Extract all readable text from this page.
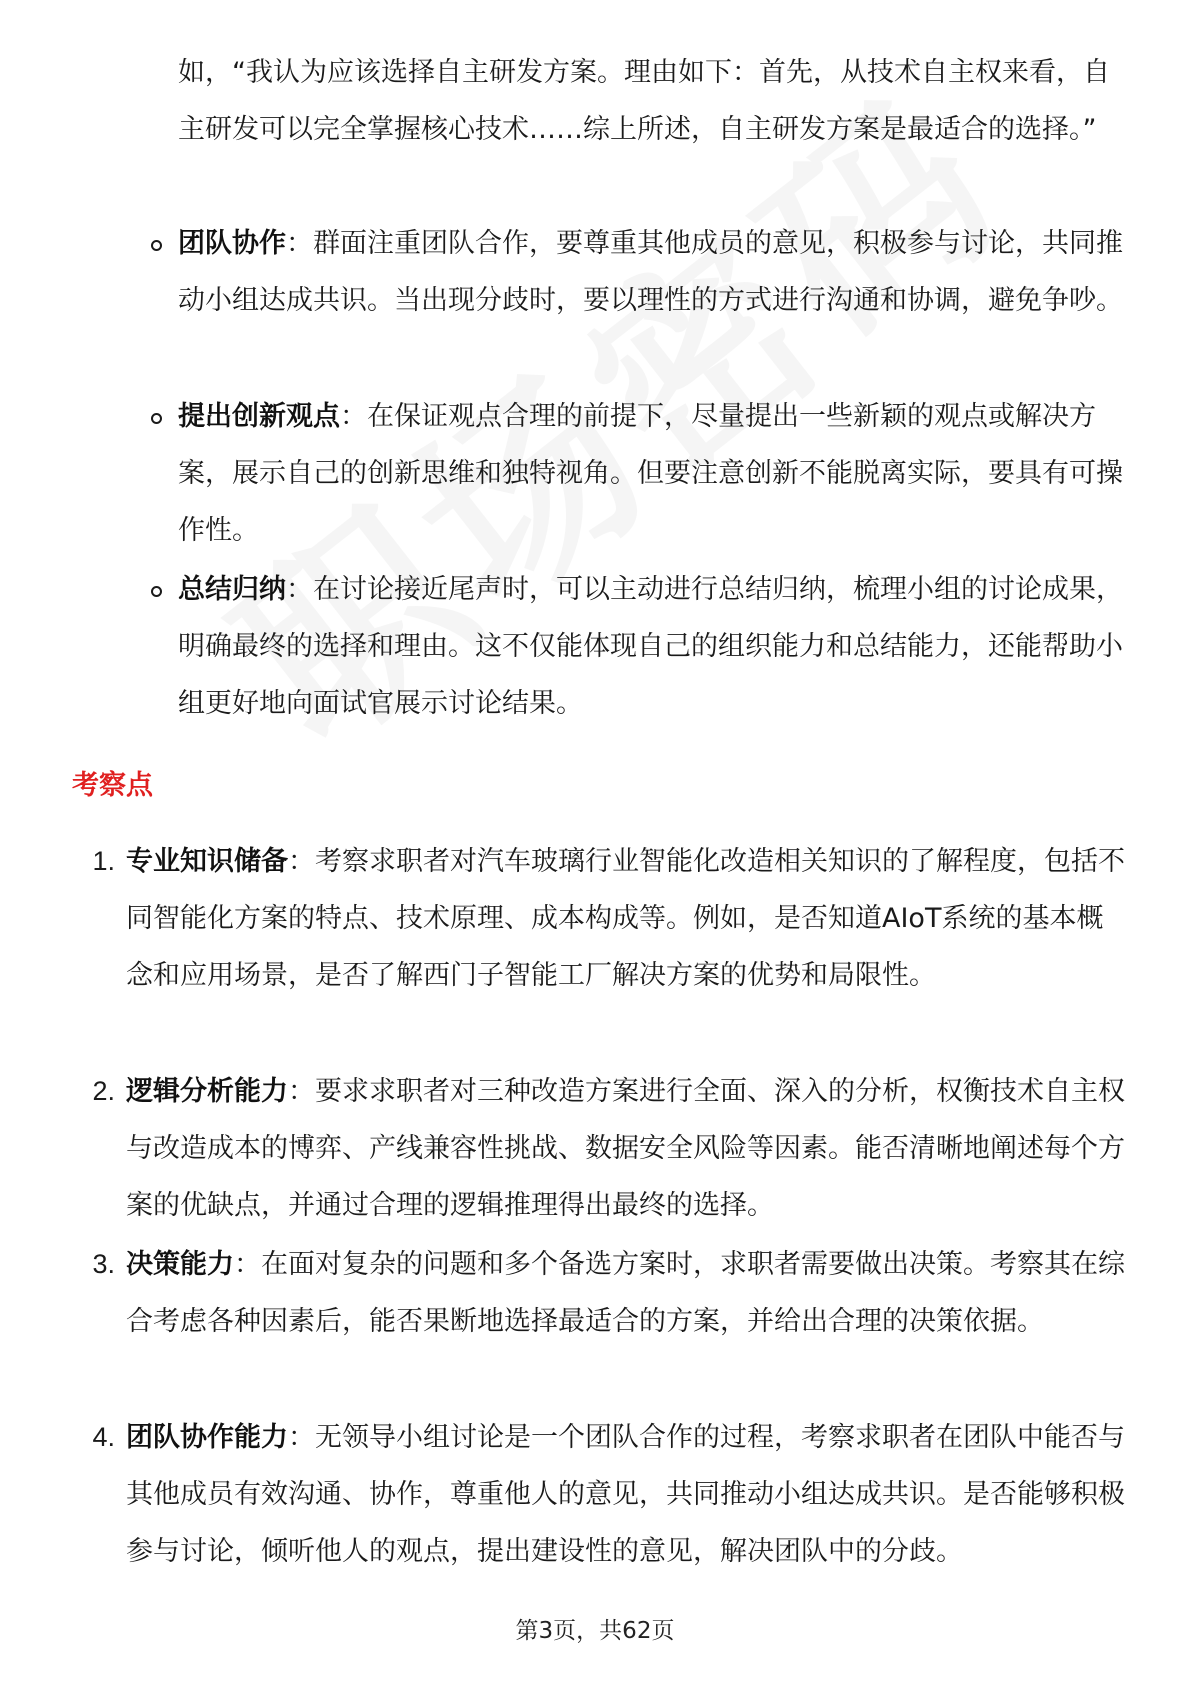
如，“我认为应该选择自主研发方案。理由如下：首先，从技术自主权来看，自主研发可以完全掌握核心技术……综上所述，自主研发方案是最适合的选择。”

团队协作：群面注重团队合作，要尊重其他成员的意见，积极参与讨论，共同推动小组达成共识。当出现分歧时，要以理性的方式进行沟通和协调，避免争吵。
提出创新观点：在保证观点合理的前提下，尽量提出一些新颖的观点或解决方案，展示自己的创新思维和独特视角。但要注意创新不能脱离实际，要具有可操作性。
总结归纳：在讨论接近尾声时，可以主动进行总结归纳，梳理小组的讨论成果，明确最终的选择和理由。这不仅能体现自己的组织能力和总结能力，还能帮助小组更好地向面试官展示讨论结果。
考察点
1. 专业知识储备：考察求职者对汽车玻璃行业智能化改造相关知识的了解程度，包括不同智能化方案的特点、技术原理、成本构成等。例如，是否知道AIoT系统的基本概念和应用场景，是否了解西门子智能工厂解决方案的优势和局限性。
2. 逻辑分析能力：要求求职者对三种改造方案进行全面、深入的分析，权衡技术自主权与改造成本的博弈、产线兼容性挑战、数据安全风险等因素。能否清晰地阐述每个方案的优缺点，并通过合理的逻辑推理得出最终的选择。
3. 决策能力：在面对复杂的问题和多个备选方案时，求职者需要做出决策。考察其在综合考虑各种因素后，能否果断地选择最适合的方案，并给出合理的决策依据。
4. 团队协作能力：无领导小组讨论是一个团队合作的过程，考察求职者在团队中能否与其他成员有效沟通、协作，尊重他人的意见，共同推动小组达成共识。是否能够积极参与讨论，倾听他人的观点，提出建设性的意见，解决团队中的分歧。
第3页，共62页
